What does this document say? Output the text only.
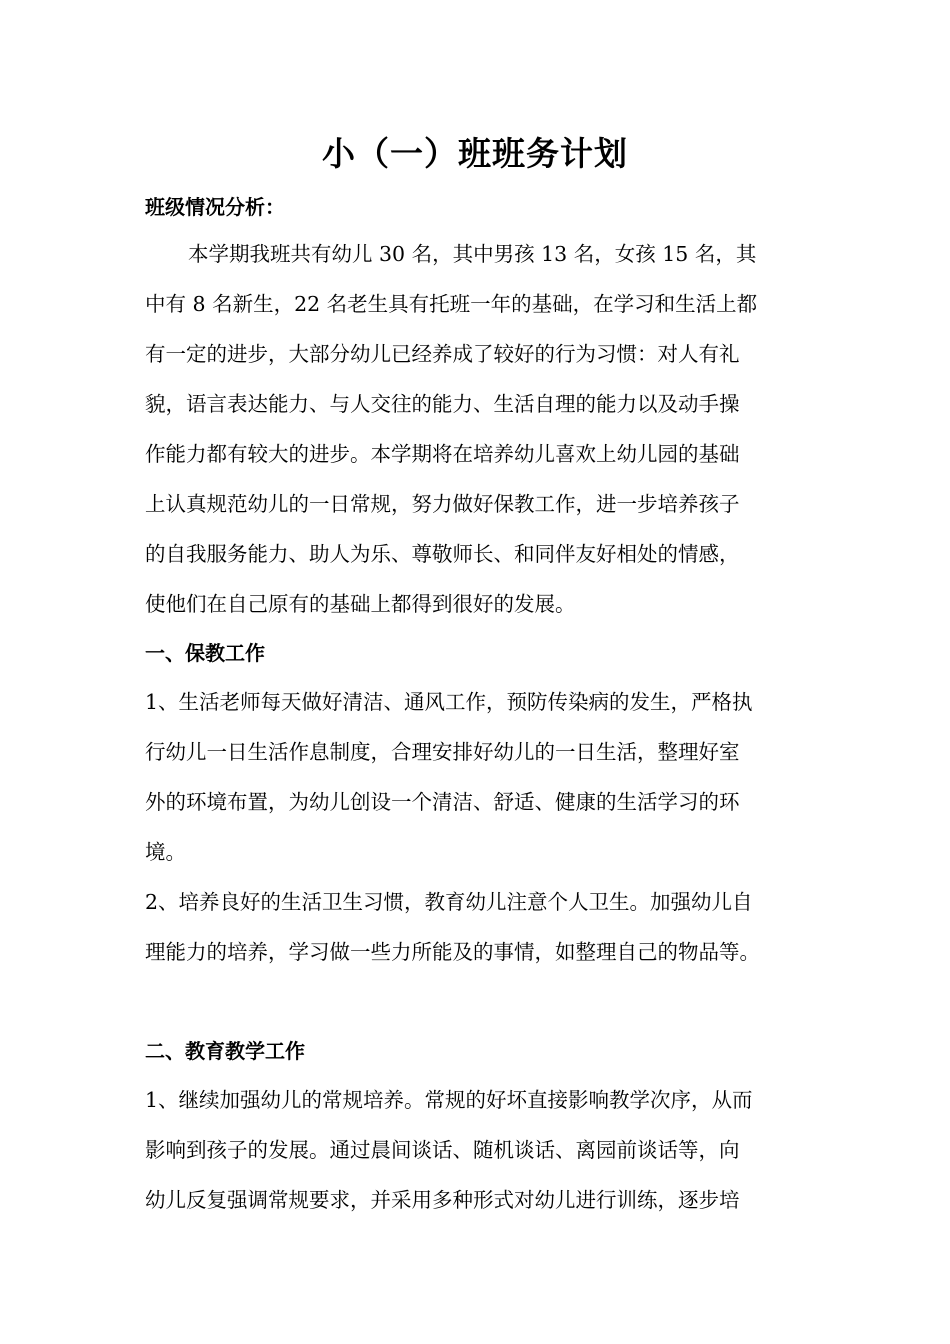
小（一）班班务计划

班级情况分析：

本学期我班共有幼儿 30 名，其中男孩 13 名，女孩 15 名，其

中有 8 名新生，22 名老生具有托班一年的基础，在学习和生活上都

有一定的进步，大部分幼儿已经养成了较好的行为习惯：对人有礼

貌，语言表达能力、与人交往的能力、生活自理的能力以及动手操

作能力都有较大的进步。本学期将在培养幼儿喜欢上幼儿园的基础

上认真规范幼儿的一日常规，努力做好保教工作，进一步培养孩子

的自我服务能力、助人为乐、尊敬师长、和同伴友好相处的情感，

使他们在自己原有的基础上都得到很好的发展。

一、保教工作

1、生活老师每天做好清洁、通风工作，预防传染病的发生，严格执

行幼儿一日生活作息制度，合理安排好幼儿的一日生活，整理好室

外的环境布置，为幼儿创设一个清洁、舒适、健康的生活学习的环

境。

2、培养良好的生活卫生习惯，教育幼儿注意个人卫生。加强幼儿自

理能力的培养，学习做一些力所能及的事情，如整理自己的物品等。

二、教育教学工作

1、继续加强幼儿的常规培养。常规的好坏直接影响教学次序，从而

影响到孩子的发展。通过晨间谈话、随机谈话、离园前谈话等，向

幼儿反复强调常规要求，并采用多种形式对幼儿进行训练，逐步培
